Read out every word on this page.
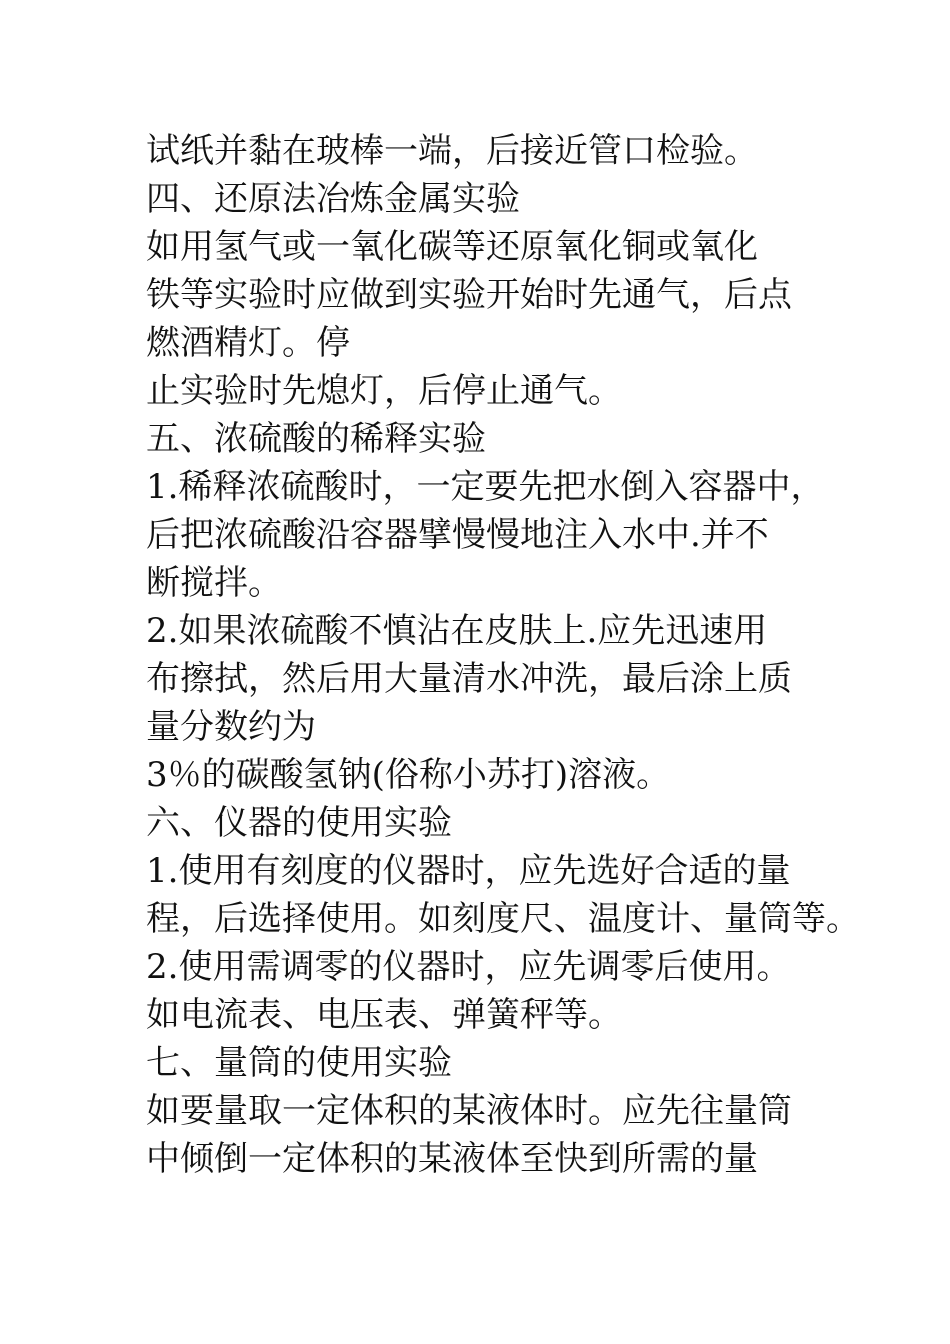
试纸并黏在玻棒一端，后接近管口检验。
四、还原法冶炼金属实验
如用氢气或一氧化碳等还原氧化铜或氧化
铁等实验时应做到实验开始时先通气，后点
燃酒精灯。停
止实验时先熄灯，后停止通气。
五、浓硫酸的稀释实验
1.稀释浓硫酸时，一定要先把水倒入容器中，
后把浓硫酸沿容器擘慢慢地注入水中.并不
断搅拌。
2.如果浓硫酸不慎沾在皮肤上.应先迅速用
布擦拭，然后用大量清水冲洗，最后涂上质
量分数约为
3％的碳酸氢钠(俗称小苏打)溶液。
六、仪器的使用实验
1.使用有刻度的仪器时，应先选好合适的量
程，后选择使用。如刻度尺、温度计、量筒等。
2.使用需调零的仪器时，应先调零后使用。
如电流表、电压表、弹簧秤等。
七、量筒的使用实验
如要量取一定体积的某液体时。应先往量筒
中倾倒一定体积的某液体至快到所需的量
